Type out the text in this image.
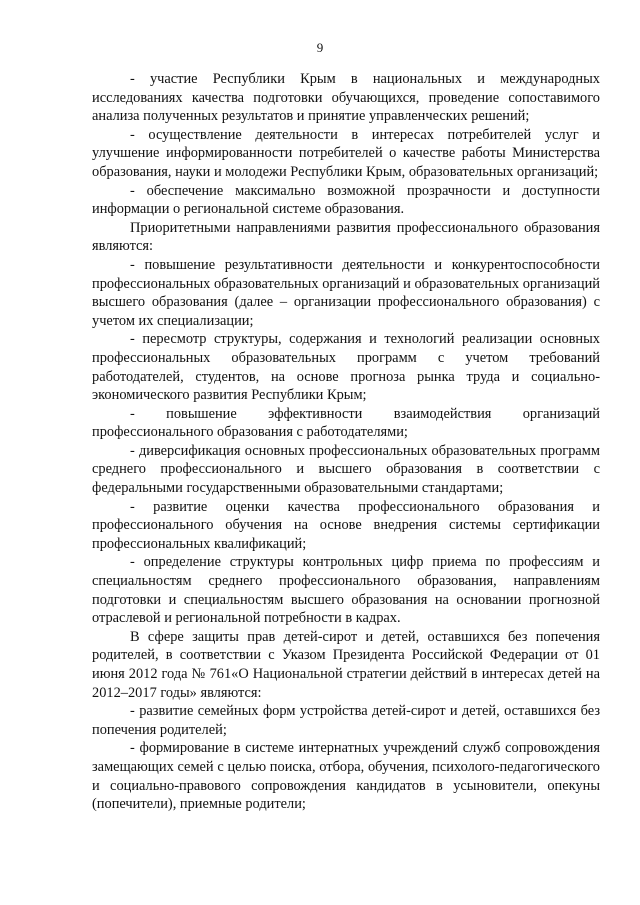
9

- участие Республики Крым в национальных и международных исследованиях качества подготовки обучающихся, проведение сопоставимого анализа полученных результатов и принятие управленческих решений;

- осуществление деятельности в интересах потребителей услуг и улучшение информированности потребителей о качестве работы Министерства образования, науки и молодежи Республики Крым, образовательных организаций;

- обеспечение максимально возможной прозрачности и доступности информации о региональной системе образования.

Приоритетными направлениями развития профессионального образования являются:

- повышение результативности деятельности и конкурентоспособности профессиональных образовательных организаций и образовательных организаций высшего образования (далее – организации профессионального образования) с учетом их специализации;

- пересмотр структуры, содержания и технологий реализации основных профессиональных образовательных программ с учетом требований работодателей, студентов, на основе прогноза рынка труда и социально-экономического развития Республики Крым;

- повышение эффективности взаимодействия организаций профессионального образования с работодателями;

- диверсификация основных профессиональных образовательных программ среднего профессионального и высшего образования в соответствии с федеральными государственными образовательными стандартами;

- развитие оценки качества профессионального образования и профессионального обучения на основе внедрения системы сертификации профессиональных квалификаций;

- определение структуры контрольных цифр приема по профессиям и специальностям среднего профессионального образования, направлениям подготовки и специальностям высшего образования на основании прогнозной отраслевой и региональной потребности в кадрах.

В сфере защиты прав детей-сирот и детей, оставшихся без попечения родителей, в соответствии с Указом Президента Российской Федерации от 01 июня 2012 года № 761«О Национальной стратегии действий в интересах детей на 2012–2017 годы» являются:

- развитие семейных форм устройства детей-сирот и детей, оставшихся без попечения родителей;

- формирование в системе интернатных учреждений служб сопровождения замещающих семей с целью поиска, отбора, обучения, психолого-педагогического и социально-правового сопровождения кандидатов в усыновители, опекуны (попечители), приемные родители;
